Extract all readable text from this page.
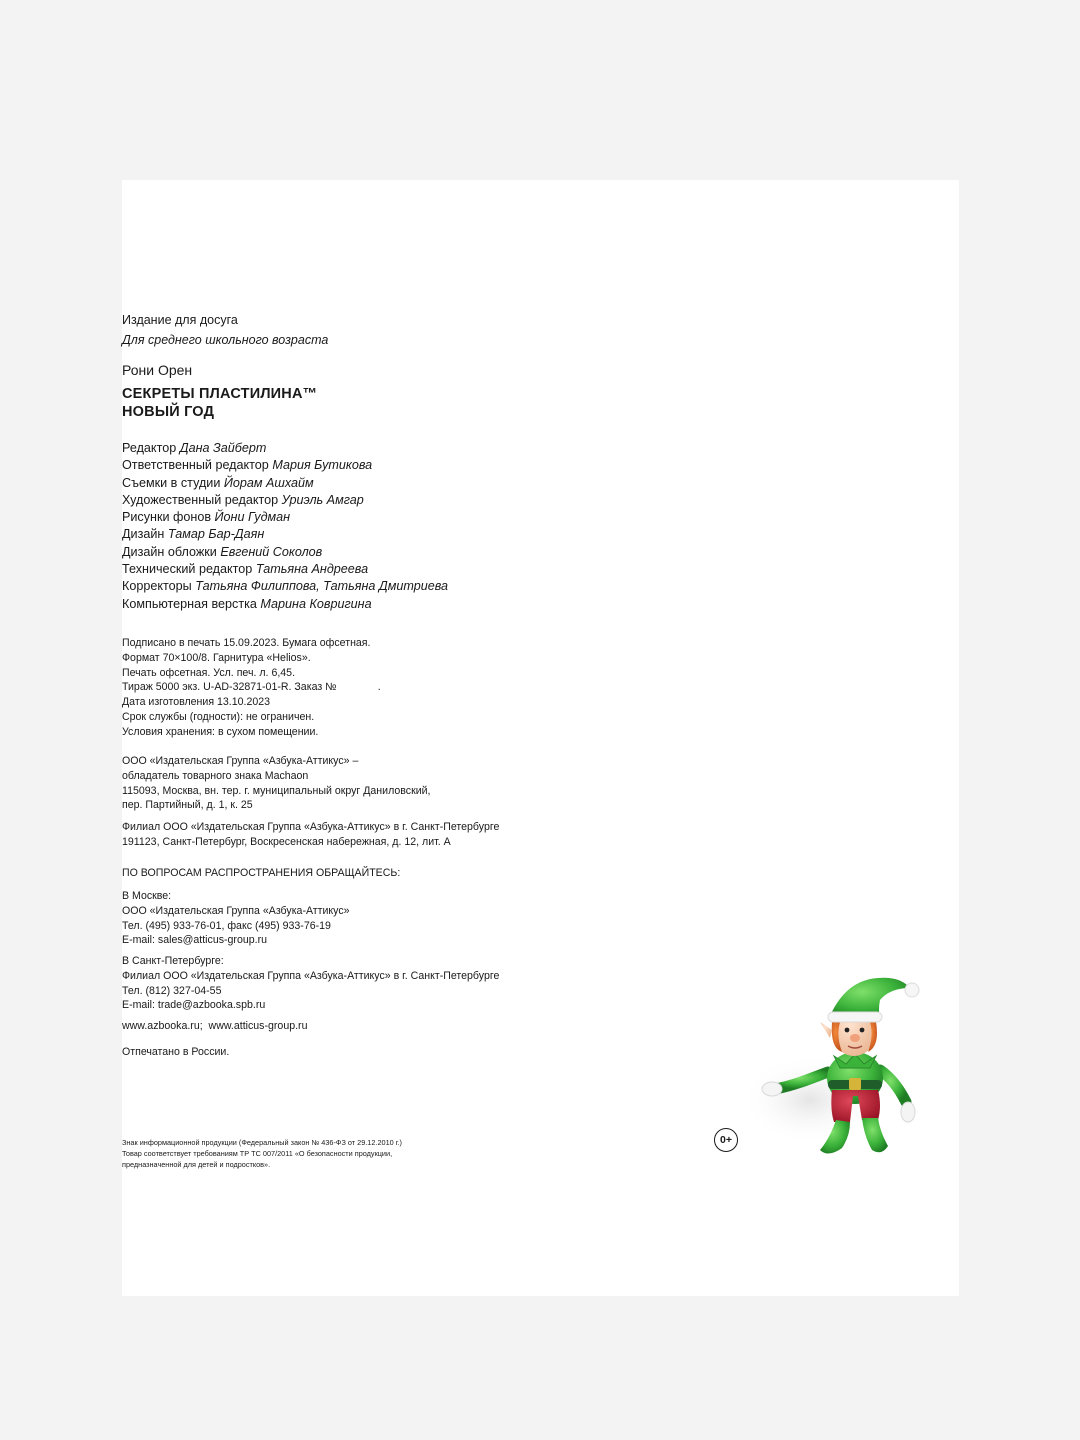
Издание для досуга
Для среднего школьного возраста
Рони Орен
СЕКРЕТЫ ПЛАСТИЛИНА™
НОВЫЙ ГОД
Редактор Дана Зайберт
Ответственный редактор Мария Бутикова
Съемки в студии Йорам Ашхайм
Художественный редактор Уриэль Амгар
Рисунки фонов Йони Гудман
Дизайн Тамар Бар-Даян
Дизайн обложки Евгений Соколов
Технический редактор Татьяна Андреева
Корректоры Татьяна Филиппова, Татьяна Дмитриева
Компьютерная верстка Марина Ковригина
Подписано в печать 15.09.2023. Бумага офсетная.
Формат 70×100/8. Гарнитура «Helios».
Печать офсетная. Усл. печ. л. 6,45.
Тираж 5000 экз. U-AD-32871-01-R. Заказ №              .
Дата изготовления 13.10.2023
Срок службы (годности): не ограничен.
Условия хранения: в сухом помещении.
ООО «Издательская Группа «Азбука-Аттикус» –
обладатель товарного знака Machaon
115093, Москва, вн. тер. г. муниципальный округ Даниловский,
пер. Партийный, д. 1, к. 25
Филиал ООО «Издательская Группа «Азбука-Аттикус» в г. Санкт-Петербурге
191123, Санкт-Петербург, Воскресенская набережная, д. 12, лит. А
ПО ВОПРОСАМ РАСПРОСТРАНЕНИЯ ОБРАЩАЙТЕСЬ:
В Москве:
ООО «Издательская Группа «Азбука-Аттикус»
Тел. (495) 933-76-01, факс (495) 933-76-19
E-mail: sales@atticus-group.ru
В Санкт-Петербурге:
Филиал ООО «Издательская Группа «Азбука-Аттикус» в г. Санкт-Петербурге
Тел. (812) 327-04-55
E-mail: trade@azbooka.spb.ru
www.azbooka.ru;  www.atticus-group.ru
Отпечатано в России.
Знак информационной продукции (Федеральный закон № 436-ФЗ от 29.12.2010 г.)
Товар соответствует требованиям ТР ТС 007/2011 «О безопасности продукции,
предназначенной для детей и подростков».
0+
